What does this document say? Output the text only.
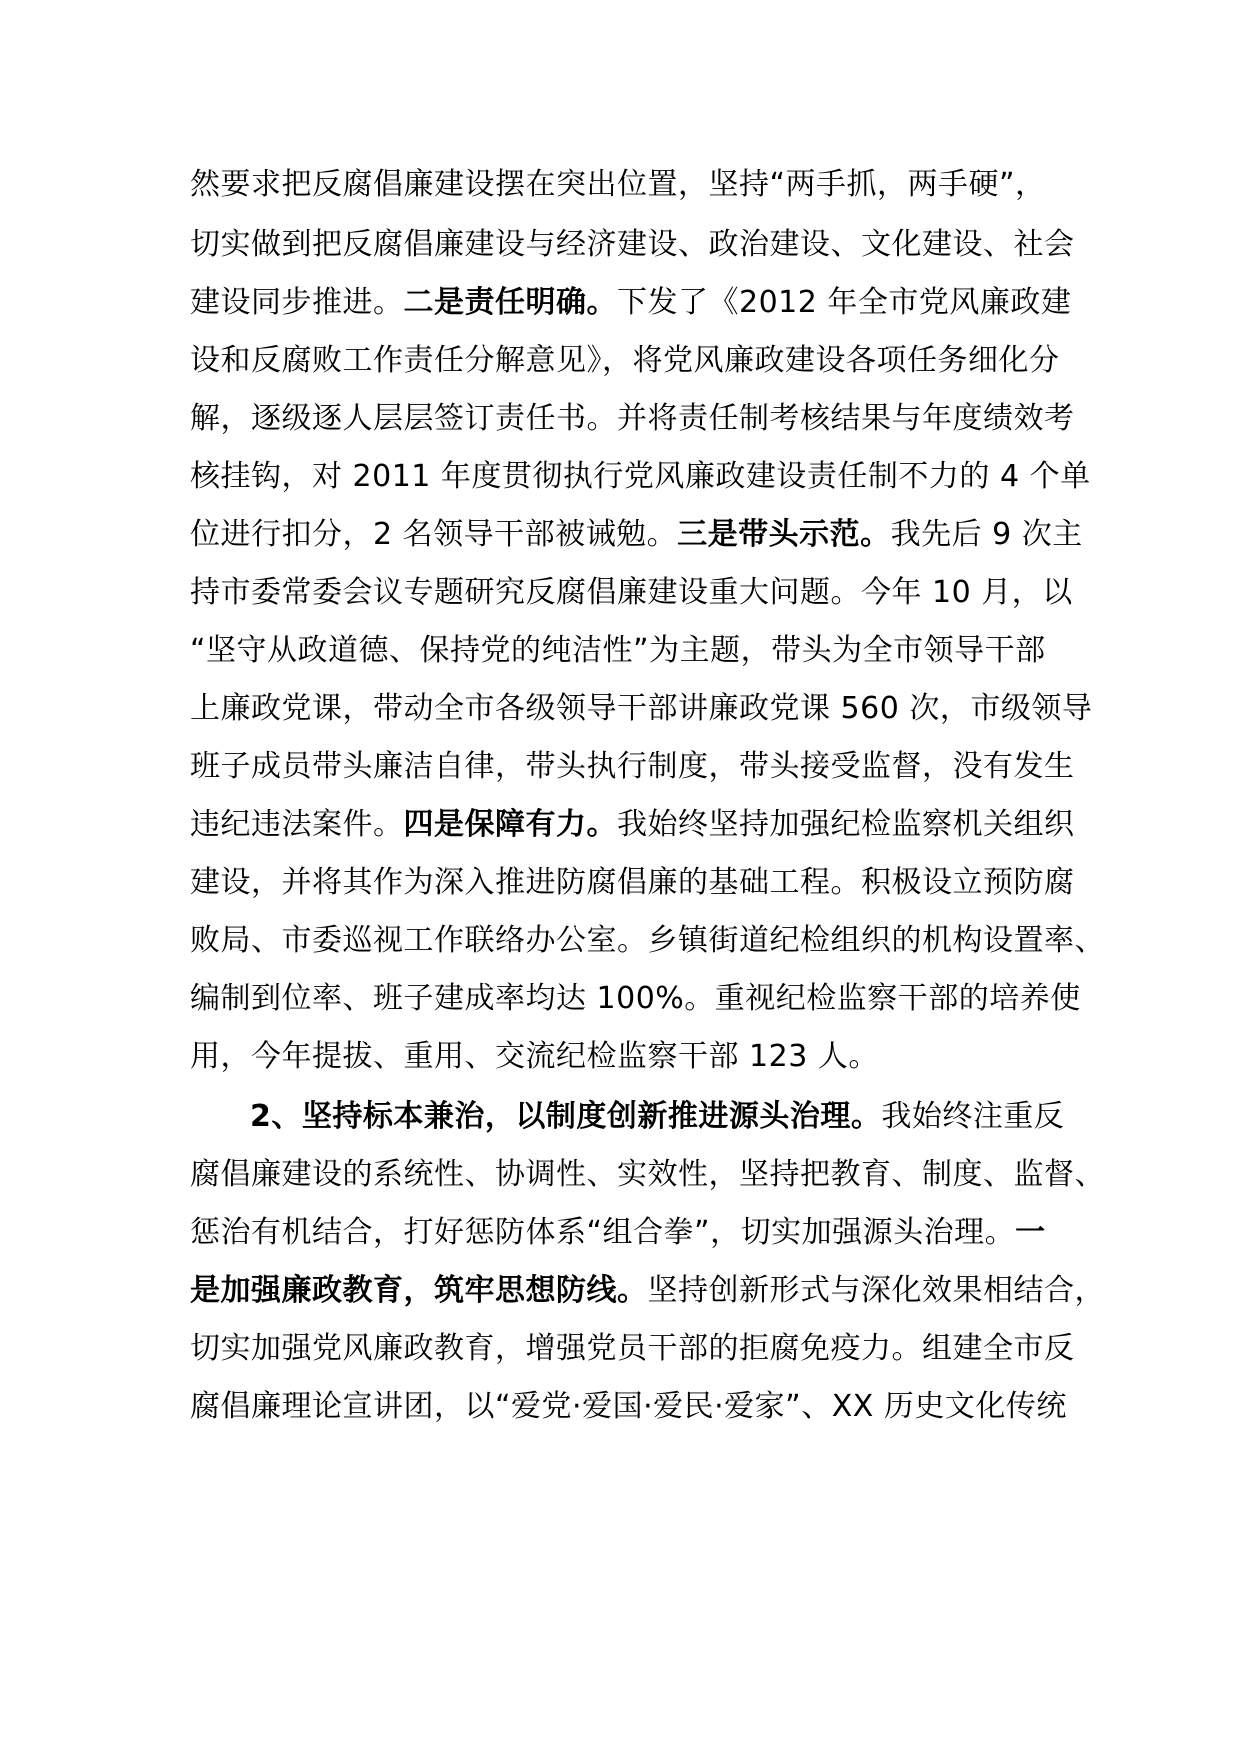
然要求把反腐倡廉建设摆在突出位置，坚持“两手抓，两手硬”，
切实做到把反腐倡廉建设与经济建设、政治建设、文化建设、社会
建设同步推进。二是责任明确。下发了《2012 年全市党风廉政建
设和反腐败工作责任分解意见》，将党风廉政建设各项任务细化分
解，逐级逐人层层签订责任书。并将责任制考核结果与年度绩效考
核挂钩，对 2011 年度贯彻执行党风廉政建设责任制不力的 4 个单
位进行扣分，2 名领导干部被诫勉。三是带头示范。我先后 9 次主
持市委常委会议专题研究反腐倡廉建设重大问题。今年 10 月，以
“坚守从政道德、保持党的纯洁性”为主题，带头为全市领导干部
上廉政党课，带动全市各级领导干部讲廉政党课 560 次，市级领导
班子成员带头廉洁自律，带头执行制度，带头接受监督，没有发生
违纪违法案件。四是保障有力。我始终坚持加强纪检监察机关组织
建设，并将其作为深入推进防腐倡廉的基础工程。积极设立预防腐
败局、市委巡视工作联络办公室。乡镇街道纪检组织的机构设置率、
编制到位率、班子建成率均达 100%。重视纪检监察干部的培养使
用，今年提拔、重用、交流纪检监察干部 123 人。
2、坚持标本兼治，以制度创新推进源头治理。我始终注重反
腐倡廉建设的系统性、协调性、实效性，坚持把教育、制度、监督、
惩治有机结合，打好惩防体系“组合拳”，切实加强源头治理。一
是加强廉政教育，筑牢思想防线。坚持创新形式与深化效果相结合，
切实加强党风廉政教育，增强党员干部的拒腐免疫力。组建全市反
腐倡廉理论宣讲团，以“爱党·爱国·爱民·爱家”、XX 历史文化传统
